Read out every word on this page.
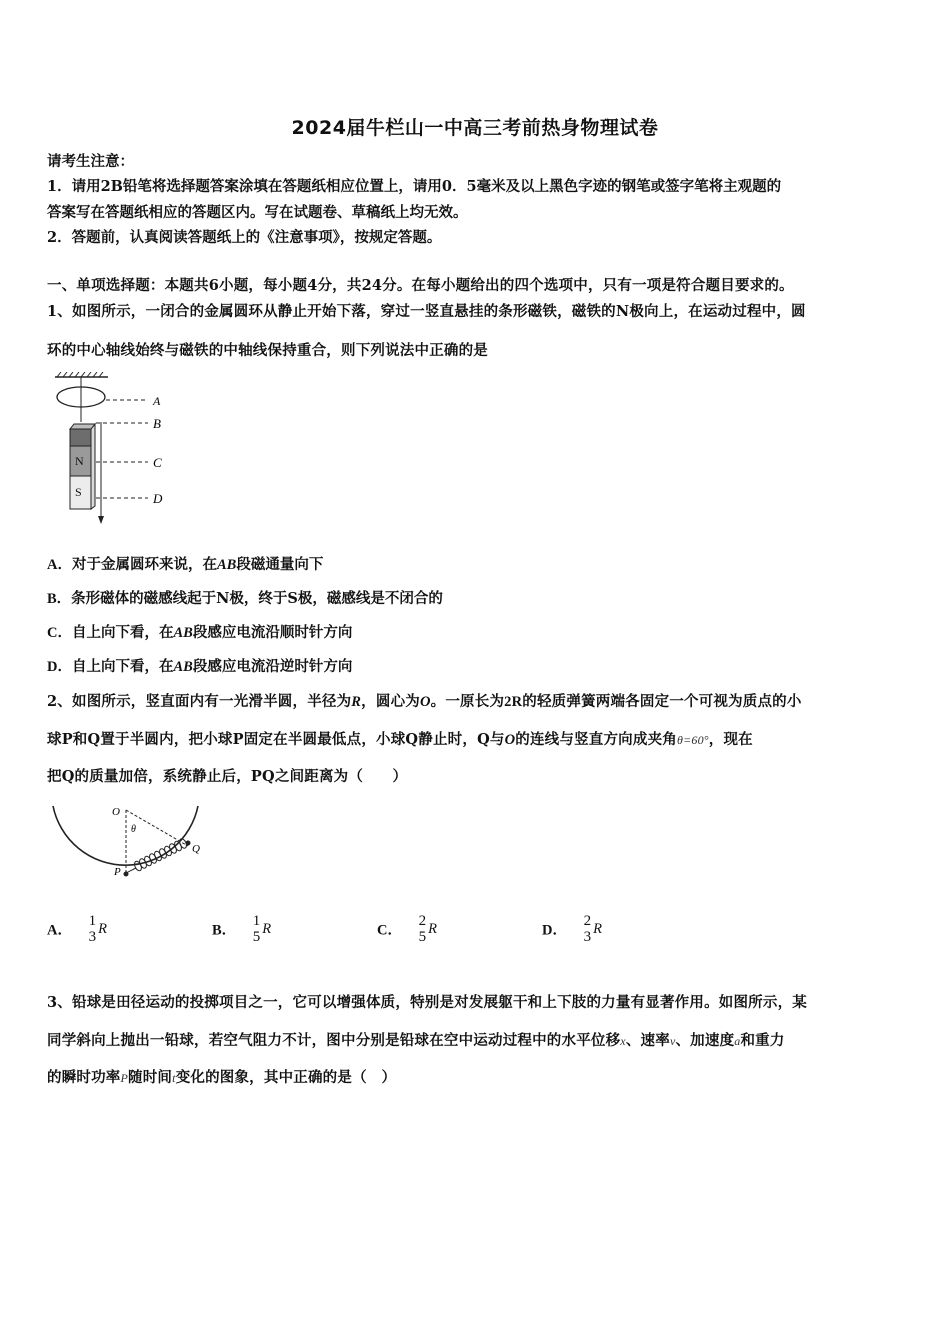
2024届牛栏山一中高三考前热身物理试卷
请考生注意：
1．请用2B铅笔将选择题答案涂填在答题纸相应位置上，请用0．5毫米及以上黑色字迹的钢笔或签字笔将主观题的
答案写在答题纸相应的答题区内。写在试题卷、草稿纸上均无效。
2．答题前，认真阅读答题纸上的《注意事项》，按规定答题。
一、单项选择题：本题共6小题，每小题4分，共24分。在每小题给出的四个选项中，只有一项是符合题目要求的。
1、如图所示，一闭合的金属圆环从静止开始下落，穿过一竖直悬挂的条形磁铁，磁铁的N极向上，在运动过程中，圆
环的中心轴线始终与磁铁的中轴线保持重合，则下列说法中正确的是
N
S
A
B
C
D
A．对于金属圆环来说，在AB段磁通量向下
B．条形磁体的磁感线起于N极，终于S极，磁感线是不闭合的
C．自上向下看，在AB段感应电流沿顺时针方向
D．自上向下看，在AB段感应电流沿逆时针方向
2、如图所示，竖直面内有一光滑半圆，半径为R，圆心为O。一原长为2R的轻质弹簧两端各固定一个可视为质点的小
球P和Q置于半圆内，把小球P固定在半圆最低点，小球Q静止时，Q与O的连线与竖直方向成夹角θ=60°，现在
把Q的质量加倍，系统静止后，PQ之间距离为（　　）
O
θ
P
Q
A．
1
3
R	B．
1
5
R	C．
2
5
R	D．
2
3
R
3、铅球是田径运动的投掷项目之一，它可以增强体质，特别是对发展躯干和上下肢的力量有显著作用。如图所示，某
同学斜向上抛出一铅球，若空气阻力不计，图中分别是铅球在空中运动过程中的水平位移x、速率v、加速度a和重力
的瞬时功率P随时间t变化的图象，其中正确的是（　）
